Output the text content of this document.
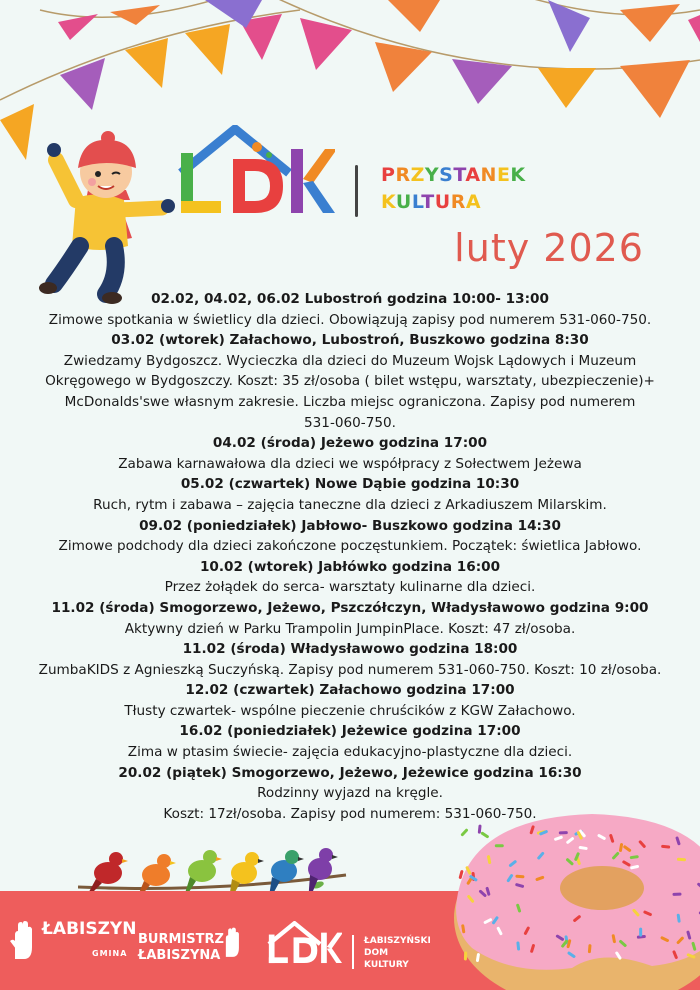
PRZYSTANEK
KULTURA
luty 2026
02.02, 04.02, 06.02 Lubostroń godzina 10:00- 13:00
Zimowe spotkania w świetlicy dla dzieci. Obowiązują zapisy pod numerem 531-060-750.
03.02 (wtorek) Załachowo, Lubostroń, Buszkowo godzina 8:30
Zwiedzamy Bydgoszcz. Wycieczka dla dzieci do Muzeum Wojsk Lądowych i Muzeum
Okręgowego w Bydgoszczy. Koszt: 35 zł/osoba ( bilet wstępu, warsztaty, ubezpieczenie)+
McDonalds'swe własnym zakresie. Liczba miejsc ograniczona. Zapisy pod numerem
531-060-750.
04.02 (środa) Jeżewo godzina 17:00
Zabawa karnawałowa dla dzieci we współpracy z Sołectwem Jeżewa
05.02 (czwartek) Nowe Dąbie godzina 10:30
Ruch, rytm i zabawa – zajęcia taneczne dla dzieci z Arkadiuszem Milarskim.
09.02 (poniedziałek) Jabłowo- Buszkowo godzina 14:30
Zimowe podchody dla dzieci zakończone poczęstunkiem. Początek: świetlica Jabłowo.
10.02 (wtorek) Jabłówko godzina 16:00
Przez żołądek do serca- warsztaty kulinarne dla dzieci.
11.02 (środa) Smogorzewo, Jeżewo, Pszczółczyn, Władysławowo godzina 9:00
Aktywny dzień w Parku Trampolin JumpinPlace. Koszt: 47 zł/osoba.
11.02 (środa) Władysławowo godzina 18:00
ZumbaKIDS z Agnieszką Suczyńską. Zapisy pod numerem 531-060-750. Koszt: 10 zł/osoba.
12.02 (czwartek) Załachowo godzina 17:00
Tłusty czwartek- wspólne pieczenie chruścików z KGW Załachowo.
16.02 (poniedziałek) Jeżewice godzina 17:00
Zima w ptasim świecie- zajęcia edukacyjno-plastyczne dla dzieci.
20.02 (piątek) Smogorzewo, Jeżewo, Jeżewice godzina 16:30
Rodzinny wyjazd na kręgle.
Koszt: 17zł/osoba. Zapisy pod numerem: 531-060-750.
ŁABISZYN
GMINA
BURMISTRZ
ŁABISZYNA
ŁABISZYŃSKI
DOM
KULTURY
